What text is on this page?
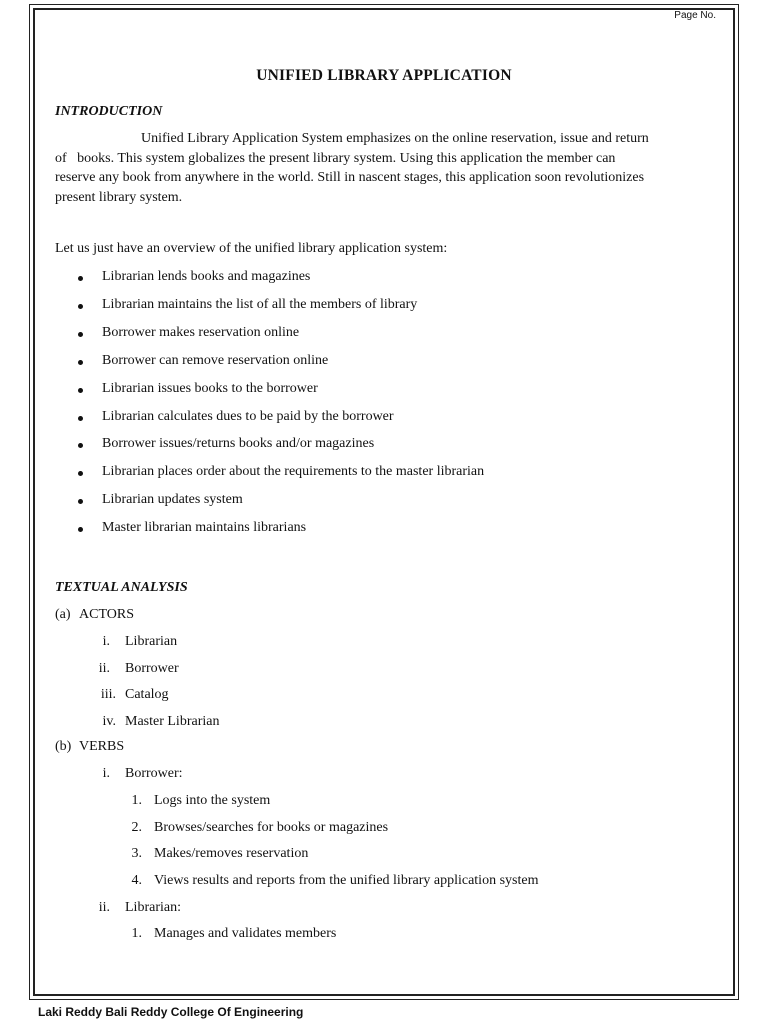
Page No.
UNIFIED LIBRARY APPLICATION
INTRODUCTION
Unified Library Application System emphasizes on the online reservation, issue and return
of   books. This system globalizes the present library system. Using this application the member can
reserve any book from anywhere in the world. Still in nascent stages, this application soon revolutionizes
present library system.
Let us just have an overview of the unified library application system:
Librarian lends books and magazines
Librarian maintains the list of all the members of library
Borrower makes reservation online
Borrower can remove reservation online
Librarian issues books to the borrower
Librarian calculates dues to be paid by the borrower
Borrower issues/returns books and/or magazines
Librarian places order about the requirements to the master librarian
Librarian updates system
Master librarian maintains librarians
TEXTUAL ANALYSIS
(a) ACTORS
i. Librarian
ii. Borrower
iii. Catalog
iv. Master Librarian
(b) VERBS
i. Borrower:
1. Logs into the system
2. Browses/searches for books or magazines
3. Makes/removes reservation
4. Views results and reports from the unified library application system
ii. Librarian:
1. Manages and validates members
Laki Reddy Bali Reddy College Of Engineering
